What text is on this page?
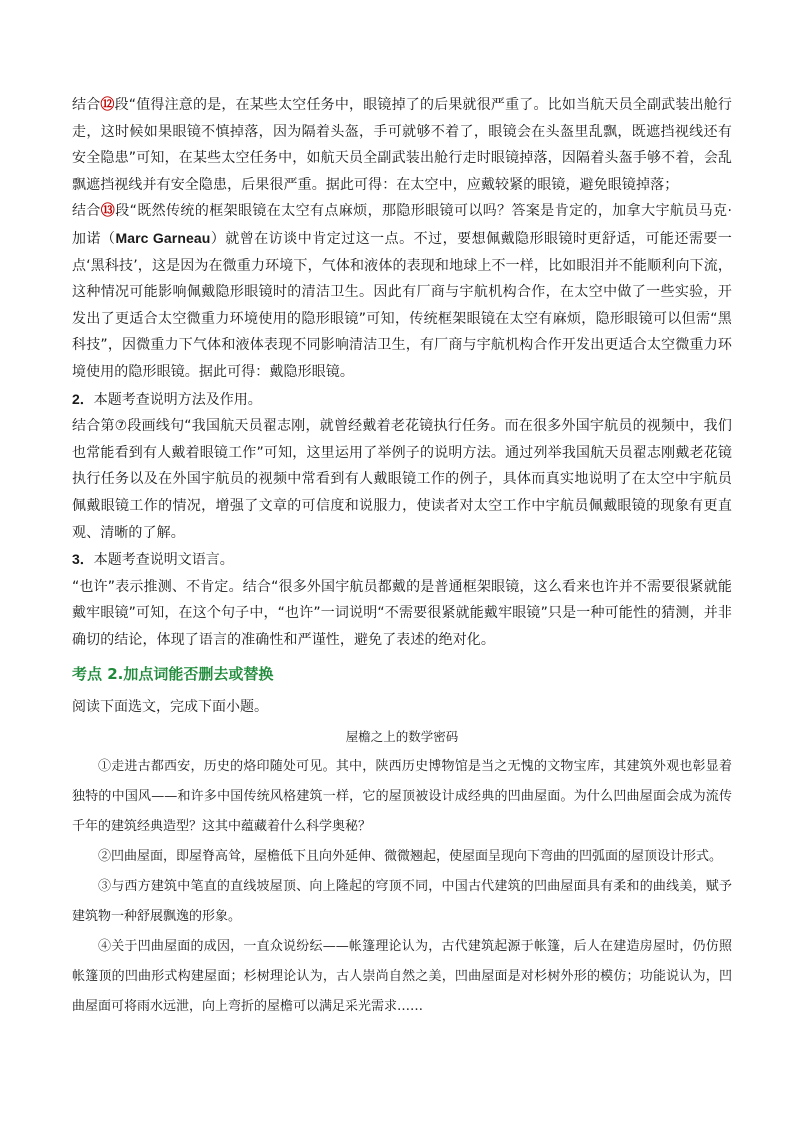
结合⑫段“值得注意的是，在某些太空任务中，眼镜掉了的后果就很严重了。比如当航天员全副武装出舱行走，这时候如果眼镜不慎掉落，因为隔着头盔，手可就够不着了，眼镜会在头盔里乱飘，既遮挡视线还有安全隐患”可知，在某些太空任务中，如航天员全副武装出舱行走时眼镜掉落，因隔着头盔手够不着，会乱飘遮挡视线并有安全隐患，后果很严重。据此可得：在太空中，应戴较紧的眼镜，避免眼镜掉落；

结合⑬段“既然传统的框架眼镜在太空有点麻烦，那隐形眼镜可以吗？答案是肯定的，加拿大宇航员马克·加诺（Marc Garneau）就曾在访谈中肯定过这一点。不过，要想佩戴隐形眼镜时更舒适，可能还需要一点‘黑科技’，这是因为在微重力环境下，气体和液体的表现和地球上不一样，比如眼泪并不能顺利向下流，这种情况可能影响佩戴隐形眼镜时的清洁卫生。因此有厂商与宇航机构合作，在太空中做了一些实验，开发出了更适合太空微重力环境使用的隐形眼镜”可知，传统框架眼镜在太空有麻烦，隐形眼镜可以但需“黑科技”，因微重力下气体和液体表现不同影响清洁卫生，有厂商与宇航机构合作开发出更适合太空微重力环境使用的隐形眼镜。据此可得：戴隐形眼镜。

2．本题考查说明方法及作用。

结合第⑦段画线句“我国航天员翟志刚，就曾经戴着老花镜执行任务。而在很多外国宇航员的视频中，我们也常能看到有人戴着眼镜工作”可知，这里运用了举例子的说明方法。通过列举我国航天员翟志刚戴老花镜执行任务以及在外国宇航员的视频中常看到有人戴眼镜工作的例子，具体而真实地说明了在太空中宇航员佩戴眼镜工作的情况，增强了文章的可信度和说服力，使读者对太空工作中宇航员佩戴眼镜的现象有更直观、清晰的了解。

3．本题考查说明文语言。

“也许”表示推测、不肯定。结合“很多外国宇航员都戴的是普通框架眼镜，这么看来也许并不需要很紧就能戴牢眼镜”可知，在这个句子中，“也许”一词说明“不需要很紧就能戴牢眼镜”只是一种可能性的猜测，并非确切的结论，体现了语言的准确性和严谨性，避免了表述的绝对化。

考点 2.加点词能否删去或替换

阅读下面选文，完成下面小题。

屋檐之上的数学密码

①走进古都西安，历史的烙印随处可见。其中，陕西历史博物馆是当之无愧的文物宝库，其建筑外观也彰显着独特的中国风——和许多中国传统风格建筑一样，它的屋顶被设计成经典的凹曲屋面。为什么凹曲屋面会成为流传千年的建筑经典造型？这其中蕴藏着什么科学奥秘？

②凹曲屋面，即屋脊高耸，屋檐低下且向外延伸、微微翘起，使屋面呈现向下弯曲的凹弧面的屋顶设计形式。

③与西方建筑中笔直的直线坡屋顶、向上隆起的穹顶不同，中国古代建筑的凹曲屋面具有柔和的曲线美，赋予建筑物一种舒展飘逸的形象。

④关于凹曲屋面的成因，一直众说纷纭——帐篷理论认为，古代建筑起源于帐篷，后人在建造房屋时，仍仿照帐篷顶的凹曲形式构建屋面；杉树理论认为，古人崇尚自然之美，凹曲屋面是对杉树外形的模仿；功能说认为，凹曲屋面可将雨水远泄，向上弯折的屋檐可以满足采光需求……
